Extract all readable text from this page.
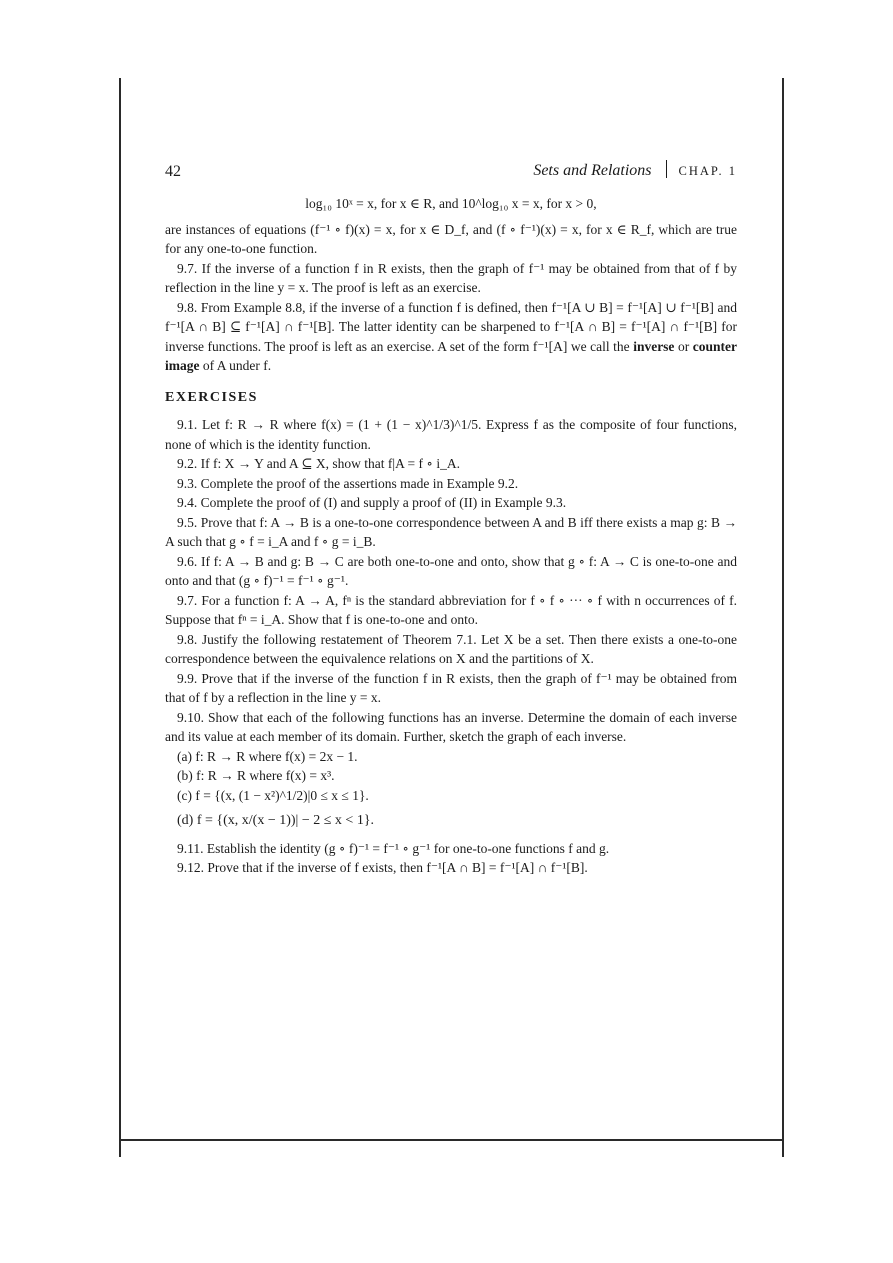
42	Sets and Relations CHAP. 1

log₁₀ 10ˣ = x, for x ∈ R, and 10^log₁₀ x = x, for x > 0,

are instances of equations (f⁻¹ ∘ f)(x) = x, for x ∈ D_f, and (f ∘ f⁻¹)(x) = x, for x ∈ R_f, which are true for any one-to-one function.

9.7. If the inverse of a function f in R exists, then the graph of f⁻¹ may be obtained from that of f by reflection in the line y = x. The proof is left as an exercise.

9.8. From Example 8.8, if the inverse of a function f is defined, then f⁻¹[A ∪ B] = f⁻¹[A] ∪ f⁻¹[B] and f⁻¹[A ∩ B] ⊆ f⁻¹[A] ∩ f⁻¹[B]. The latter identity can be sharpened to f⁻¹[A ∩ B] = f⁻¹[A] ∩ f⁻¹[B] for inverse functions. The proof is left as an exercise. A set of the form f⁻¹[A] we call the inverse or counter image of A under f.

EXERCISES

9.1. Let f: R → R where f(x) = (1 + (1 − x)^1/3)^1/5. Express f as the composite of four functions, none of which is the identity function.

9.2. If f: X → Y and A ⊆ X, show that f|A = f ∘ i_A.

9.3. Complete the proof of the assertions made in Example 9.2.

9.4. Complete the proof of (I) and supply a proof of (II) in Example 9.3.

9.5. Prove that f: A → B is a one-to-one correspondence between A and B iff there exists a map g: B → A such that g ∘ f = i_A and f ∘ g = i_B.

9.6. If f: A → B and g: B → C are both one-to-one and onto, show that g ∘ f: A → C is one-to-one and onto and that (g ∘ f)⁻¹ = f⁻¹ ∘ g⁻¹.

9.7. For a function f: A → A, fⁿ is the standard abbreviation for f ∘ f ∘ ··· ∘ f with n occurrences of f. Suppose that fⁿ = i_A. Show that f is one-to-one and onto.

9.8. Justify the following restatement of Theorem 7.1. Let X be a set. Then there exists a one-to-one correspondence between the equivalence relations on X and the partitions of X.

9.9. Prove that if the inverse of the function f in R exists, then the graph of f⁻¹ may be obtained from that of f by a reflection in the line y = x.

9.10. Show that each of the following functions has an inverse. Determine the domain of each inverse and its value at each member of its domain. Further, sketch the graph of each inverse.

(a) f: R → R where f(x) = 2x − 1.

(b) f: R → R where f(x) = x³.

(c) f = {(x, (1 − x²)^1/2)|0 ≤ x ≤ 1}.

(d) f = {(x, x/(x − 1))| − 2 ≤ x < 1}.

9.11. Establish the identity (g ∘ f)⁻¹ = f⁻¹ ∘ g⁻¹ for one-to-one functions f and g.

9.12. Prove that if the inverse of f exists, then f⁻¹[A ∩ B] = f⁻¹[A] ∩ f⁻¹[B].
